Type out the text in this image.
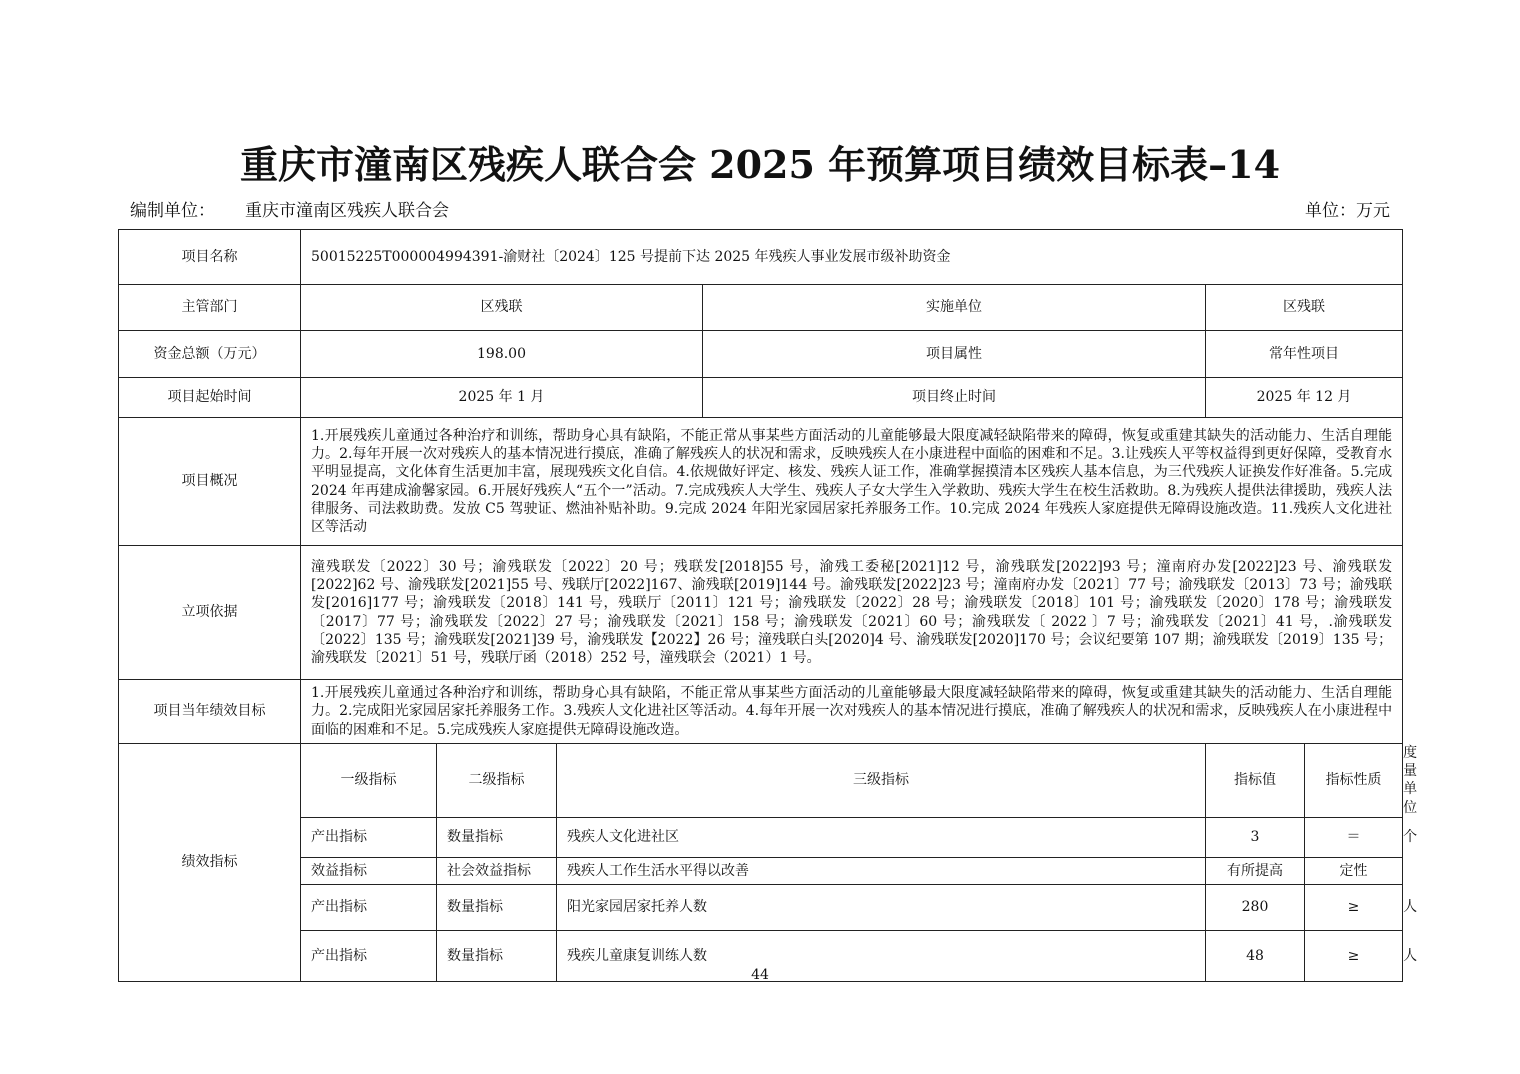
重庆市潼南区残疾人联合会 2025 年预算项目绩效目标表–14
编制单位： 重庆市潼南区残疾人联合会	单位：万元
项目名称	50015225T000004994391-渝财社〔2024〕125 号提前下达 2025 年残疾人事业发展市级补助资金						
主管部门	区残联			实施单位	区残联		
资金总额（万元）	198.00			项目属性	常年性项目		
项目起始时间	2025 年 1 月			项目终止时间	2025 年 12 月		
项目概况	1.开展残疾儿童通过各种治疗和训练，帮助身心具有缺陷，不能正常从事某些方面活动的儿童能够最大限度减轻缺陷带来的障碍，恢复或重建其缺失的活动能力、生活自理能力。2.每年开展一次对残疾人的基本情况进行摸底，准确了解残疾人的状况和需求，反映残疾人在小康进程中面临的困难和不足。3.让残疾人平等权益得到更好保障，受教育水平明显提高，文化体育生活更加丰富，展现残疾文化自信。4.依规做好评定、核发、残疾人证工作，准确掌握摸清本区残疾人基本信息，为三代残疾人证换发作好准备。5.完成 2024 年再建成渝馨家园。6.开展好残疾人“五个一”活动。7.完成残疾人大学生、残疾人子女大学生入学救助、残疾大学生在校生活救助。8.为残疾人提供法律援助，残疾人法律服务、司法救助费。发放 C5 驾驶证、燃油补贴补助。9.完成 2024 年阳光家园居家托养服务工作。10.完成 2024 年残疾人家庭提供无障碍设施改造。11.残疾人文化进社区等活动						
立项依据	潼残联发〔2022〕30 号；渝残联发〔2022〕20 号；残联发[2018]55 号，渝残工委秘[2021]12 号，渝残联发[2022]93 号；潼南府办发[2022]23 号、渝残联发[2022]62 号、渝残联发[2021]55 号、残联厅[2022]167、渝残联[2019]144 号。渝残联发[2022]23 号；潼南府办发〔2021〕77 号；渝残联发〔2013〕73 号；渝残联发[2016]177 号；渝残联发〔2018〕141 号，残联厅〔2011〕121 号；渝残联发〔2022〕28 号；渝残联发〔2018〕101 号；渝残联发〔2020〕178 号；渝残联发〔2017〕77 号；渝残联发〔2022〕27 号；渝残联发〔2021〕158 号；渝残联发〔2021〕60 号；渝残联发〔 2022 〕7 号；渝残联发〔2021〕41 号，.渝残联发〔2022〕135 号；渝残联发[2021]39 号，渝残联发【2022】26 号；潼残联白头[2020]4 号、渝残联发[2020]170 号；会议纪要第 107 期；渝残联发〔2019〕135 号；渝残联发〔2021〕51 号，残联厅函（2018）252 号，潼残联会（2021）1 号。						
项目当年绩效目标	1.开展残疾儿童通过各种治疗和训练，帮助身心具有缺陷，不能正常从事某些方面活动的儿童能够最大限度减轻缺陷带来的障碍，恢复或重建其缺失的活动能力、生活自理能力。2.完成阳光家园居家托养服务工作。3.残疾人文化进社区等活动。4.每年开展一次对残疾人的基本情况进行摸底，准确了解残疾人的状况和需求，反映残疾人在小康进程中面临的困难和不足。5.完成残疾人家庭提供无障碍设施改造。						
绩效指标	一级指标	二级指标	三级指标		指标值	指标性质	度量单位
	产出指标	数量指标	残疾人文化进社区		3	＝	个
	效益指标	社会效益指标	残疾人工作生活水平得以改善		有所提高	定性	
	产出指标	数量指标	阳光家园居家托养人数		280	≥	人
	产出指标	数量指标	残疾儿童康复训练人数		48	≥	人
44
